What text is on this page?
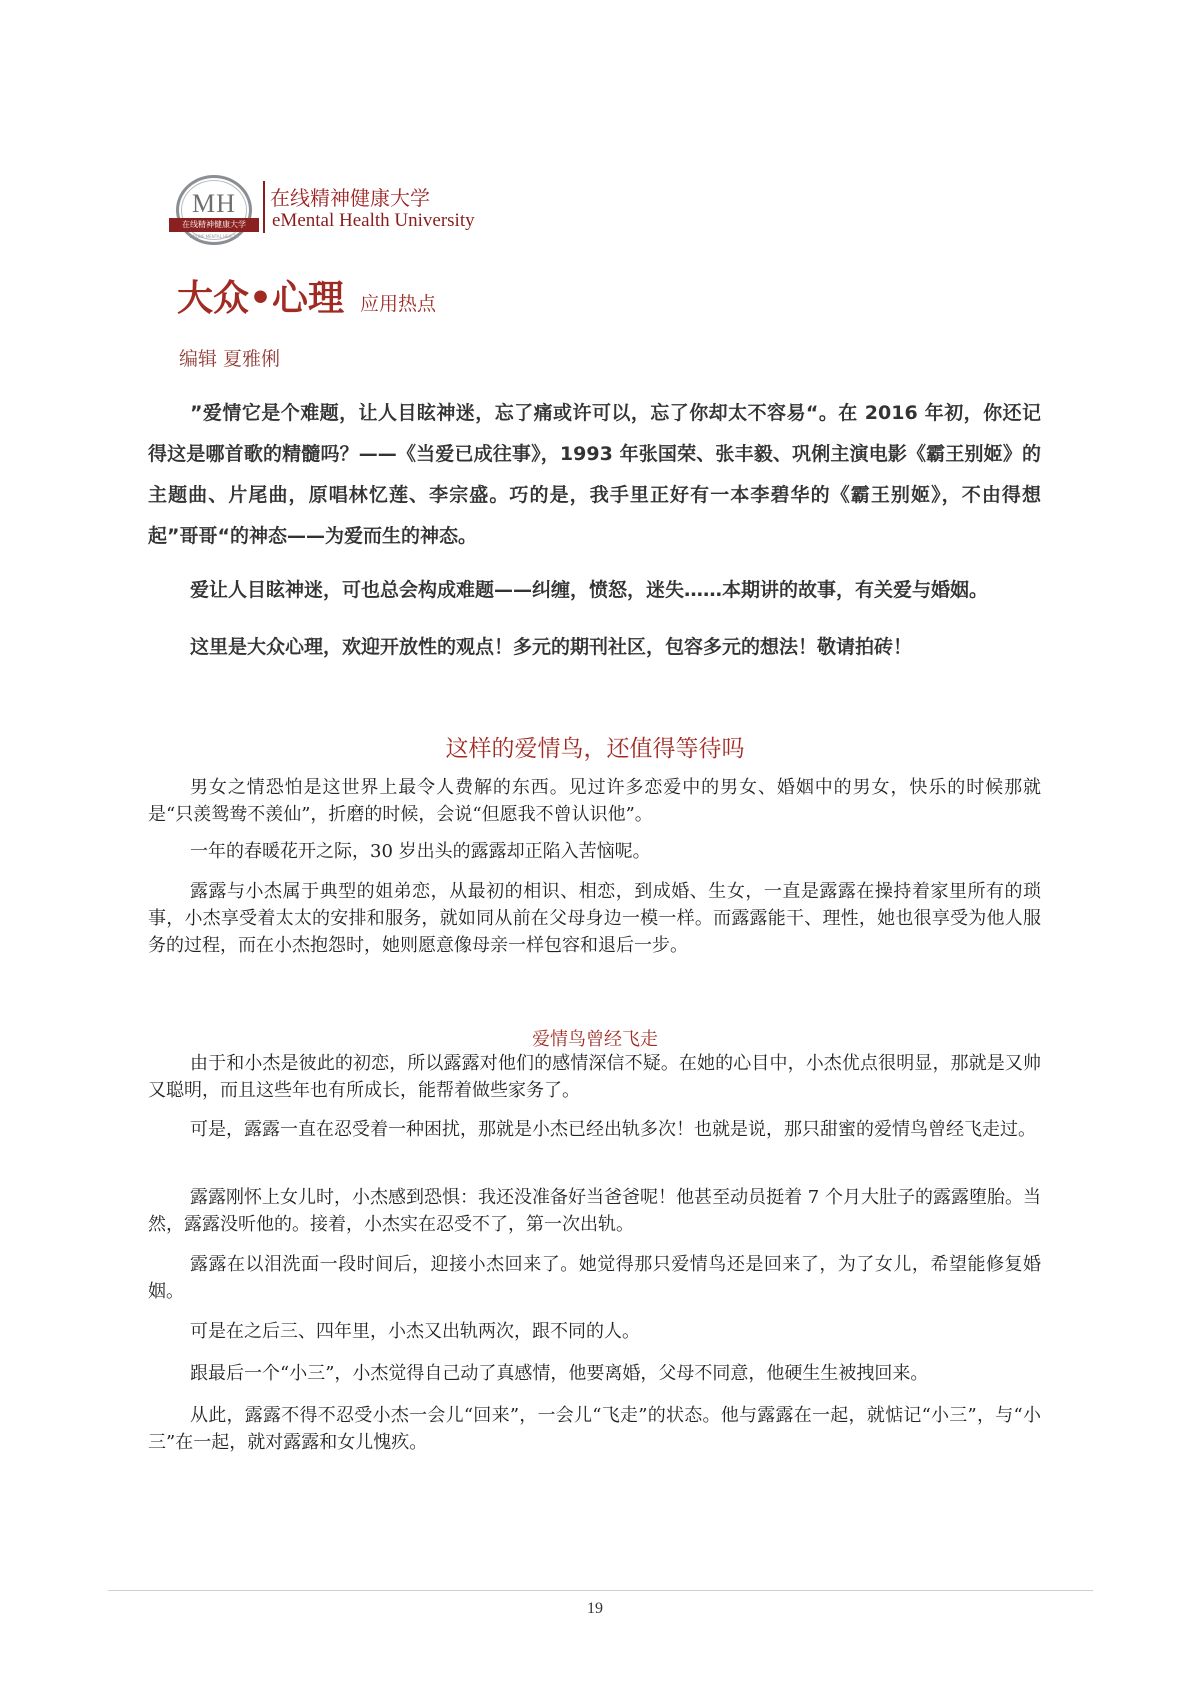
MH
在线精神健康大学
ONLINE MENTAL HEALTH
在线精神健康大学
eMental Health University
大众•心理 应用热点
编辑 夏雅俐

”爱情它是个难题，让人目眩神迷，忘了痛或许可以，忘了你却太不容易“。在 2016 年初，你还记得这是哪首歌的精髓吗？——《当爱已成往事》，1993 年张国荣、张丰毅、巩俐主演电影《霸王别姬》的主题曲、片尾曲，原唱林忆莲、李宗盛。巧的是，我手里正好有一本李碧华的《霸王别姬》，不由得想起”哥哥“的神态——为爱而生的神态。

爱让人目眩神迷，可也总会构成难题——纠缠，愤怒，迷失……本期讲的故事，有关爱与婚姻。

这里是大众心理，欢迎开放性的观点！多元的期刊社区，包容多元的想法！敬请拍砖！

这样的爱情鸟，还值得等待吗

男女之情恐怕是这世界上最令人费解的东西。见过许多恋爱中的男女、婚姻中的男女，快乐的时候那就是“只羡鸳鸯不羡仙”，折磨的时候，会说“但愿我不曾认识他”。

一年的春暖花开之际，30 岁出头的露露却正陷入苦恼呢。

露露与小杰属于典型的姐弟恋，从最初的相识、相恋，到成婚、生女，一直是露露在操持着家里所有的琐事，小杰享受着太太的安排和服务，就如同从前在父母身边一模一样。而露露能干、理性，她也很享受为他人服务的过程，而在小杰抱怨时，她则愿意像母亲一样包容和退后一步。

爱情鸟曾经飞走

由于和小杰是彼此的初恋，所以露露对他们的感情深信不疑。在她的心目中，小杰优点很明显，那就是又帅又聪明，而且这些年也有所成长，能帮着做些家务了。

可是，露露一直在忍受着一种困扰，那就是小杰已经出轨多次！也就是说，那只甜蜜的爱情鸟曾经飞走过。

露露刚怀上女儿时，小杰感到恐惧：我还没准备好当爸爸呢！他甚至动员挺着 7 个月大肚子的露露堕胎。当然，露露没听他的。接着，小杰实在忍受不了，第一次出轨。

露露在以泪洗面一段时间后，迎接小杰回来了。她觉得那只爱情鸟还是回来了，为了女儿，希望能修复婚姻。

可是在之后三、四年里，小杰又出轨两次，跟不同的人。

跟最后一个“小三”，小杰觉得自己动了真感情，他要离婚，父母不同意，他硬生生被拽回来。

从此，露露不得不忍受小杰一会儿“回来”，一会儿“飞走”的状态。他与露露在一起，就惦记“小三”，与“小三”在一起，就对露露和女儿愧疚。

19
